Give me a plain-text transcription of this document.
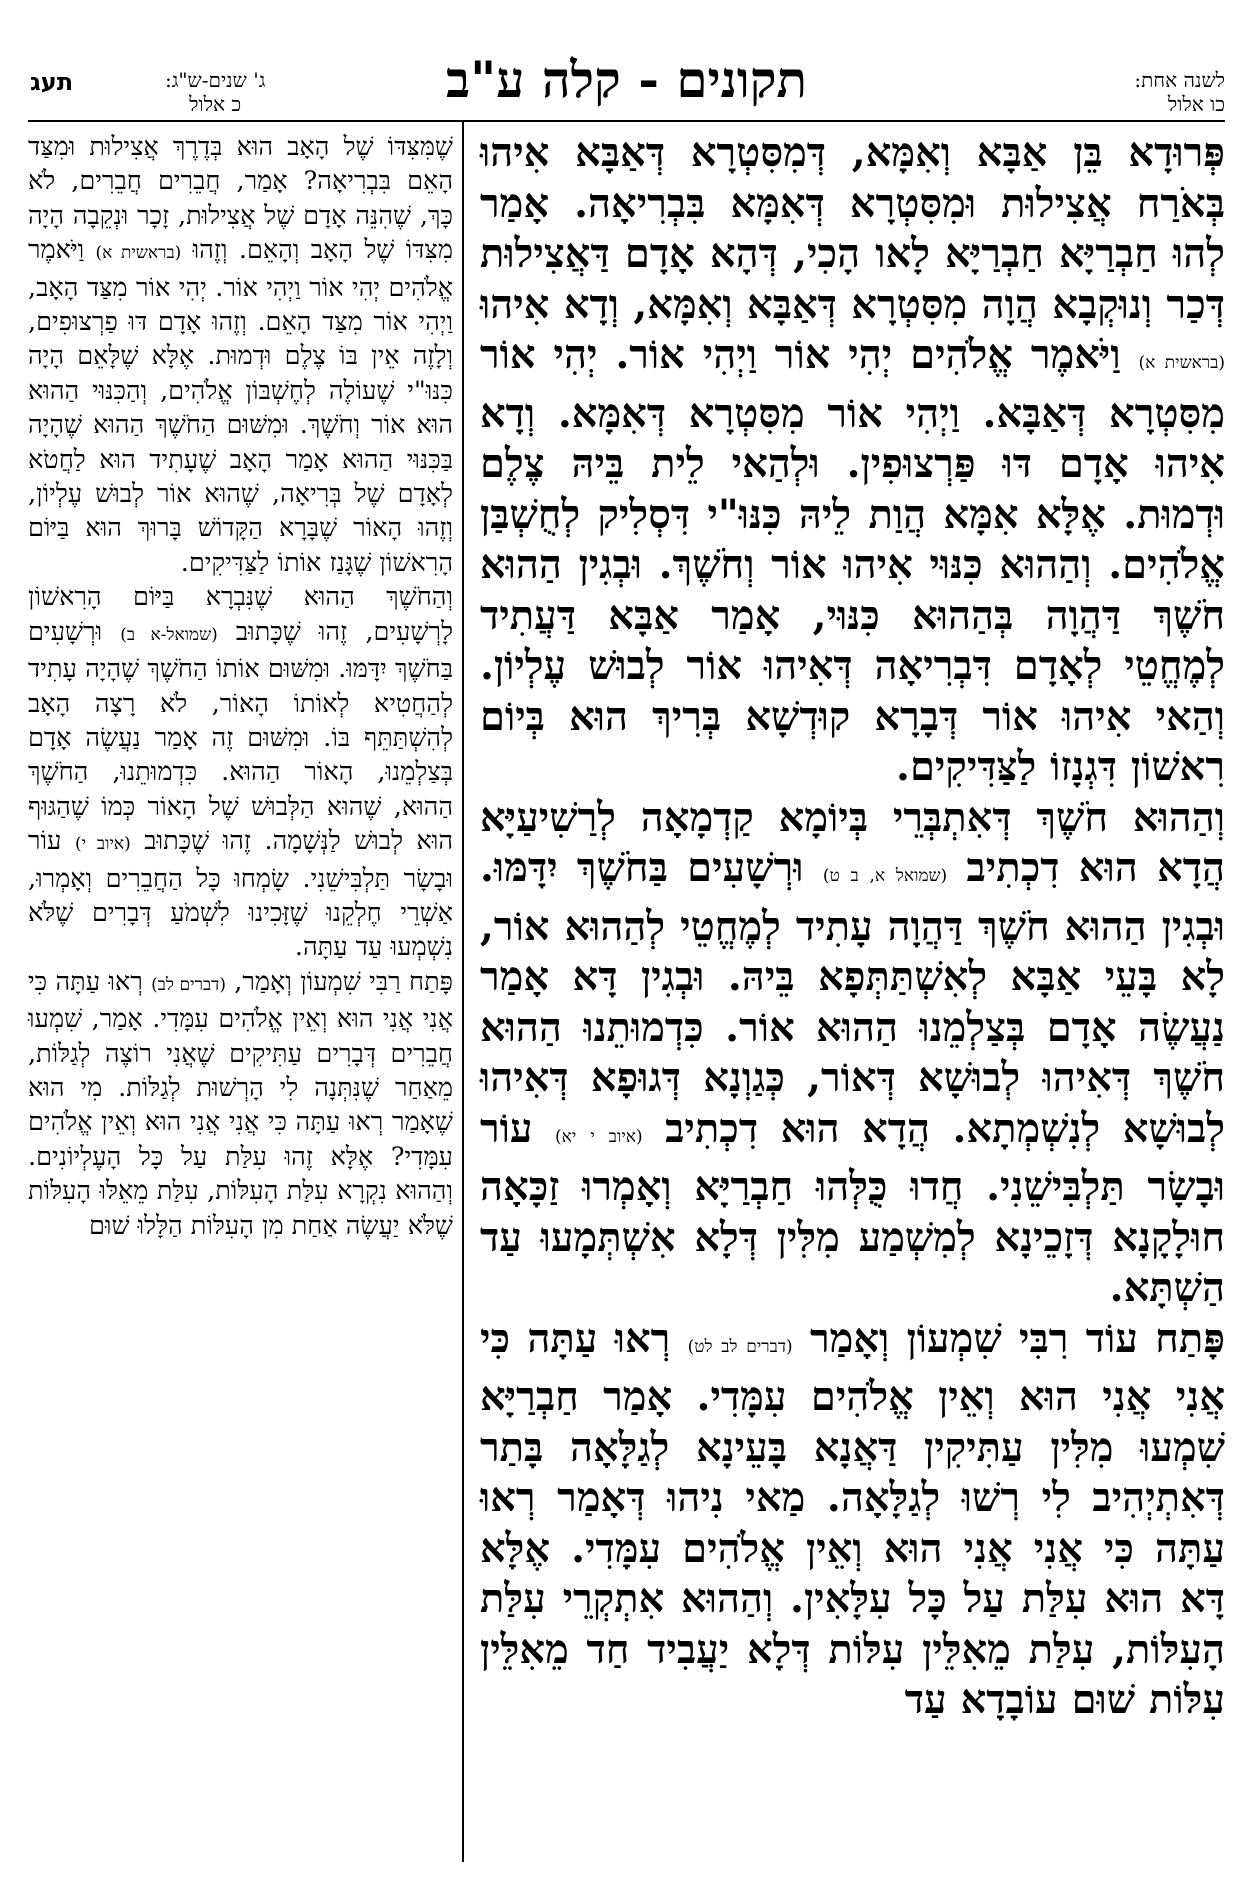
תעג	ג' שנים-ש"ג:
כ אלול	תקונים - קלה ע"ב	לשנה אחת:
כו אלול

פְּרוּדָא בֵּן אַבָּא וְאִמָּא, דְּמִסִּטְרָא דְּאַבָּא אִיהוּ בְּאֹרַח אֲצִילוּת וּמִסִּטְרָא דְּאִמָּא בִּבְרִיאָה. אָמַר לְהוּ חַבְרַיָּא חַבְרַיָּא לָאו הָכִי, דְּהָא אָדָם דַּאֲצִילוּת דְּכַר וְנוּקְבָא הֲוָה מִסִּטְרָא דְּאַבָּא וְאִמָּא, וְדָא אִיהוּ (בראשית א) וַיֹּאמֶר אֱלֹהִים יְהִי אוֹר וַיְהִי אוֹר. יְהִי אוֹר מִסִּטְרָא דְּאַבָּא. וַיְהִי אוֹר מִסִּטְרָא דְּאִמָּא. וְדָא אִיהוּ אָדָם דּוּ פַּרְצוּפִין. וּלְהַאי לֵית בֵּיהּ צֶלֶם וּדְמוּת. אֶלָּא אִמָּא הֲוַת לֵיהּ כִּנּוּ"י דִּסְלִיק לְחֻשְׁבַּן אֱלֹהִים. וְהַהוּא כִּנּוּי אִיהוּ אוֹר וְחֹשֶׁךְ. וּבְגִין הַהוּא חֹשֶׁךְ דַּהֲוָה בְּהַהוּא כִּנּוּי, אָמַר אַבָּא דַּעֲתִיד לְמֶחֱטֵי לְאָדָם דִּבְרִיאָה דְּאִיהוּ אוֹר לְבוּשׁ עֶלְיוֹן. וְהַאי אִיהוּ אוֹר דְּבָרָא קוּדְשָׁא בְּרִיךְ הוּא בְּיוֹם רִאשׁוֹן דִּגְנָזוֹ לַצַּדִּיקִים.

וְהַהוּא חֹשֶׁךְ דְּאִתְבְּרֵי בְּיוֹמָא קַדְמָאָה לְרַשִׁיעַיָּא הֲדָא הוּא דִכְתִיב (שמואל א, ב ט) וּרְשָׁעִים בַּחֹשֶׁךְ יִדָּמּוּ. וּבְגִין הַהוּא חֹשֶׁךְ דַּהֲוָה עָתִיד לְמֶחֱטֵי לְהַהוּא אוֹר, לָא בָּעֵי אַבָּא לְאִשְׁתַּתְּפָא בֵּיהּ. וּבְגִין דָּא אָמַר נַעֲשֶׂה אָדָם בְּצַלְמֵנוּ הַהוּא אוֹר. כִּדְמוּתֵנוּ הַהוּא חֹשֶׁךְ דְּאִיהוּ לְבוּשָׁא דְּאוֹר, כְּגַוְנָא דְּגוּפָא דְּאִיהוּ לְבוּשָׁא לְנִשְׁמְתָא. הֲדָא הוּא דִכְתִיב (איוב י יא) עוֹר וּבָשָׂר תַּלְבִּישֵׁנִי. חֲדוּ כֻּלְּהוּ חַבְרַיָּא וְאָמְרוּ זַכָּאָה חוּלָקָנָא דְּזָכֵינָא לְמִשְׁמַע מִלִּין דְּלָא אִשְׁתְּמָעוּ עַד הַשְׁתָּא.

פָּתַח עוֹד רִבִּי שִׁמְעוֹן וְאָמַר (דברים לב לט) רְאוּ עַתָּה כִּי אֲנִי אֲנִי הוּא וְאֵין אֱלֹהִים עִמָּדִי. אָמַר חַבְרַיָּא שִׁמְעוּ מִלִּין עַתִּיקִין דַּאֲנָא בָּעֵינָא לְגַלָּאָה בָּתַר דְּאִתְיְהִיב לִי רְשׁוּ לְגַלָּאָה. מַאי נִיהוּ דְּאָמַר רְאוּ עַתָּה כִּי אֲנִי אֲנִי הוּא וְאֵין אֱלֹהִים עִמָּדִי. אֶלָּא דָּא הוּא עִלַּת עַל כָּל עִלָּאִין. וְהַהוּא אִתְקְרֵי עִלַּת הָעִלּוֹת, עִלַּת מֵאִלֵּין עִלּוֹת דְּלָא יַעֲבִיד חַד מֵאִלֵּין עִלּוֹת שׁוּם עוֹבָדָא עַד

שֶׁמִּצִּדּוֹ שֶׁל הָאָב הוּא בְּדֶרֶךְ אֲצִילוּת וּמִצַּד הָאֵם בִּבְרִיאָה? אָמַר, חֲבֵרִים חֲבֵרִים, לֹא כָּךְ, שֶׁהִנֵּה אָדָם שֶׁל אֲצִילוּת, זָכָר וּנְקֵבָה הָיָה מִצִּדּוֹ שֶׁל הָאָב וְהָאֵם. וְזֶהוּ (בראשית א) וַיֹּאמֶר אֱלֹהִים יְהִי אוֹר וַיְהִי אוֹר. יְהִי אוֹר מִצַּד הָאָב, וַיְהִי אוֹר מִצַּד הָאֵם. וְזֶהוּ אָדָם דּוּ פַרְצוּפִים, וְלָזֶה אֵין בּוֹ צֶלֶם וּדְמוּת. אֶלָּא שֶׁלָּאֵם הָיָה כִּנּוּ"י שֶׁעוֹלֶה לְחֶשְׁבּוֹן אֱלֹהִים, וְהַכִּנּוּי הַהוּא הוּא אוֹר וְחֹשֶׁךְ. וּמִשּׁוּם הַחֹשֶׁךְ הַהוּא שֶׁהָיָה בַּכִּנּוּי הַהוּא אָמַר הָאָב שֶׁעָתִיד הוּא לַחֲטֹא לְאָדָם שֶׁל בְּרִיאָה, שֶׁהוּא אוֹר לְבוּשׁ עֶלְיוֹן, וְזֶהוּ הָאוֹר שֶׁבָּרָא הַקָּדוֹשׁ בָּרוּךְ הוּא בַּיּוֹם הָרִאשׁוֹן שֶׁגָּנַז אוֹתוֹ לַצַּדִּיקִים.

וְהַחֹשֶׁךְ הַהוּא שֶׁנִּבְרָא בַּיּוֹם הָרִאשׁוֹן לָרְשָׁעִים, זֶהוּ שֶׁכָּתוּב (שמואל-א ב) וּרְשָׁעִים בַּחֹשֶׁךְ יִדָּמּוּ. וּמִשּׁוּם אוֹתוֹ הַחֹשֶׁךְ שֶׁהָיָה עָתִיד לְהַחֲטִיא לְאוֹתוֹ הָאוֹר, לֹא רָצָה הָאָב לְהִשְׁתַּתֵּף בּוֹ. וּמִשּׁוּם זֶה אָמַר נַעֲשֶׂה אָדָם בְּצַלְמֵנוּ, הָאוֹר הַהוּא. כִּדְמוּתֵנוּ, הַחֹשֶׁךְ הַהוּא, שֶׁהוּא הַלְּבוּשׁ שֶׁל הָאוֹר כְּמוֹ שֶׁהַגּוּף הוּא לְבוּשׁ לַנְּשָׁמָה. זֶהוּ שֶׁכָּתוּב (איוב י) עוֹר וּבָשָׂר תַּלְבִּישֵׁנִי. שָׂמְחוּ כָּל הַחֲבֵרִים וְאָמְרוּ, אַשְׁרֵי חֶלְקֵנוּ שֶׁזָּכִינוּ לִשְׁמֹעַ דְּבָרִים שֶׁלֹּא נִשְׁמְעוּ עַד עַתָּה.

פָּתַח רַבִּי שִׁמְעוֹן וְאָמַר, (דברים לב) רְאוּ עַתָּה כִּי אֲנִי אֲנִי הוּא וְאֵין אֱלֹהִים עִמָּדִי. אָמַר, שִׁמְעוּ חֲבֵרִים דְּבָרִים עַתִּיקִים שֶׁאֲנִי רוֹצֶה לְגַלּוֹת, מֵאַחַר שֶׁנִּתְּנָה לִי הָרְשׁוּת לְגַלּוֹת. מִי הוּא שֶׁאָמַר רְאוּ עַתָּה כִּי אֲנִי אֲנִי הוּא וְאֵין אֱלֹהִים עִמָּדִי? אֶלָּא זֶהוּ עִלַּת עַל כָּל הָעֶלְיוֹנִים. וְהַהוּא נִקְרָא עִלַּת הָעִלּוֹת, עִלַּת מֵאֵלּוּ הָעִלּוֹת שֶׁלֹּא יַעֲשֶׂה אַחַת מִן הָעִלּוֹת הַלָּלוּ שׁוּם
